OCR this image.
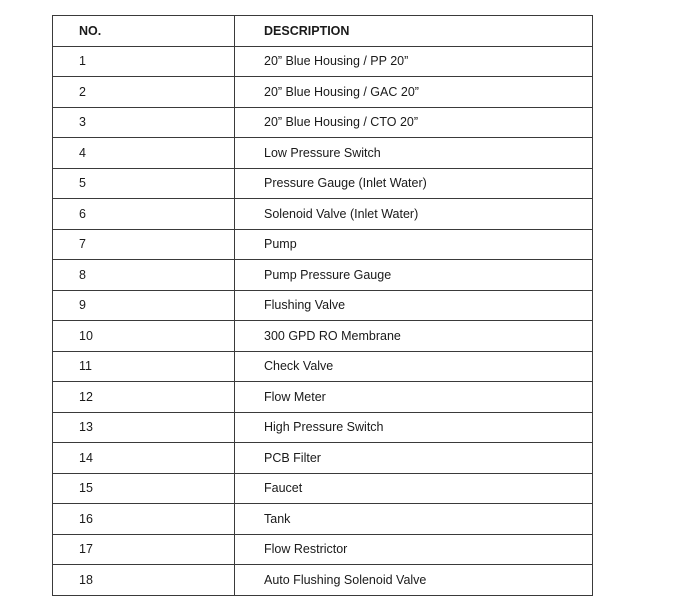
NO.	DESCRIPTION
1	20” Blue Housing / PP 20”
2	20” Blue Housing / GAC 20”
3	20” Blue Housing / CTO 20”
4	Low Pressure Switch
5	Pressure Gauge (Inlet Water)
6	Solenoid Valve (Inlet Water)
7	Pump
8	Pump Pressure Gauge
9	Flushing Valve
10	300 GPD RO Membrane
11	Check Valve
12	Flow Meter
13	High Pressure Switch
14	PCB Filter
15	Faucet
16	Tank
17	Flow Restrictor
18	Auto Flushing Solenoid Valve
